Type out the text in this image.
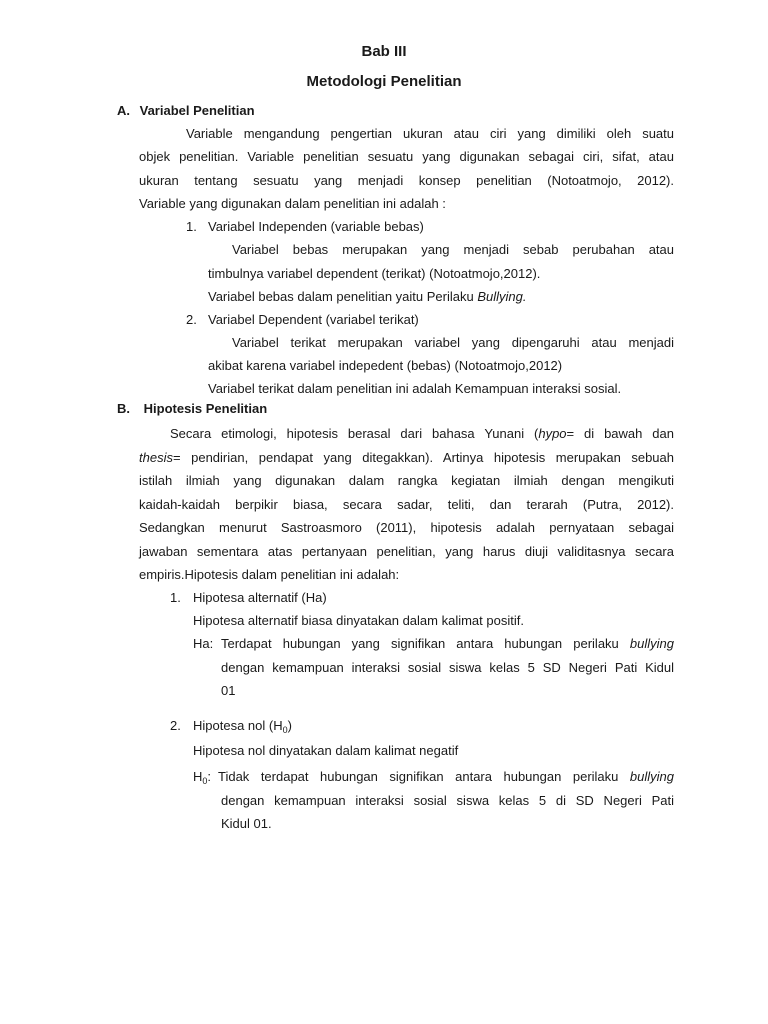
Bab III
Metodologi Penelitian
A. Variabel Penelitian
Variable mengandung pengertian ukuran atau ciri yang dimiliki oleh suatu
objek penelitian. Variable penelitian sesuatu yang digunakan sebagai ciri, sifat, atau
ukuran tentang sesuatu yang menjadi konsep penelitian (Notoatmojo, 2012).
Variable yang digunakan dalam penelitian ini adalah :
1. Variabel Independen (variable bebas)
Variabel bebas merupakan yang menjadi sebab perubahan atau
timbulnya variabel dependent (terikat) (Notoatmojo,2012).
Variabel bebas dalam penelitian yaitu Perilaku Bullying.
2. Variabel Dependent (variabel terikat)
Variabel terikat merupakan variabel yang dipengaruhi atau menjadi
akibat karena variabel indepedent (bebas) (Notoatmojo,2012)
Variabel terikat dalam penelitian ini adalah Kemampuan interaksi sosial.
B. Hipotesis Penelitian
Secara etimologi, hipotesis berasal dari bahasa Yunani (hypo= di bawah dan
thesis= pendirian, pendapat yang ditegakkan). Artinya hipotesis merupakan sebuah
istilah ilmiah yang digunakan dalam rangka kegiatan ilmiah dengan mengikuti
kaidah-kaidah berpikir biasa, secara sadar, teliti, dan terarah (Putra, 2012).
Sedangkan menurut Sastroasmoro (2011), hipotesis adalah pernyataan sebagai
jawaban sementara atas pertanyaan penelitian, yang harus diuji validitasnya secara
empiris.Hipotesis dalam penelitian ini adalah:
1. Hipotesa alternatif (Ha)
Hipotesa alternatif biasa dinyatakan dalam kalimat positif.
Ha: Terdapat hubungan yang signifikan antara hubungan perilaku bullying
dengan kemampuan interaksi sosial siswa kelas 5 SD Negeri Pati Kidul
01
2. Hipotesa nol $(H_0)$
Hipotesa nol dinyatakan dalam kalimat negatif
$H_0$: Tidak terdapat hubungan signifikan antara hubungan perilaku bullying
dengan kemampuan interaksi sosial siswa kelas 5 di SD Negeri Pati
Kidul 01.
